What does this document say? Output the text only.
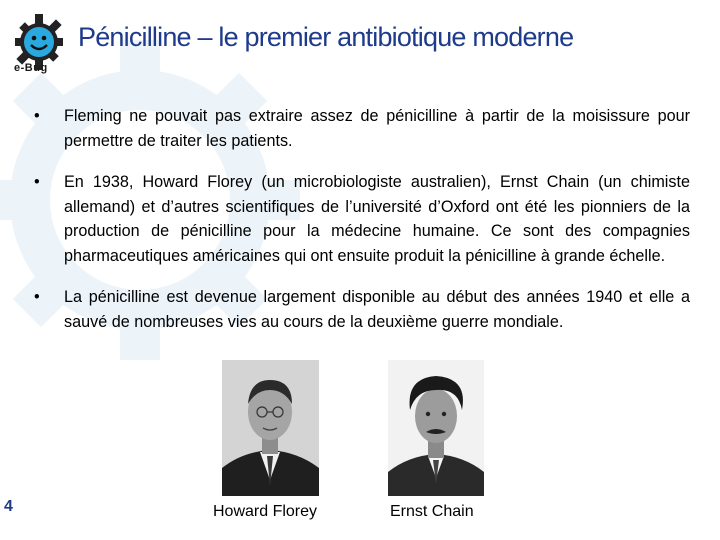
e-Bug
Pénicilline – le premier antibiotique moderne
• Fleming ne pouvait pas extraire assez de pénicilline à partir de la moisissure pour permettre de traiter les patients.
• En 1938, Howard Florey (un microbiologiste australien), Ernst Chain (un chimiste allemand) et d’autres scientifiques de l’université d’Oxford ont été les pionniers de la production de pénicilline pour la médecine humaine. Ce sont des compagnies pharmaceutiques américaines qui ont ensuite produit la pénicilline à grande échelle.
• La pénicilline est devenue largement disponible au début des années 1940 et elle a sauvé de nombreuses vies au cours de la deuxième guerre mondiale.
Howard Florey	Ernst Chain
4
